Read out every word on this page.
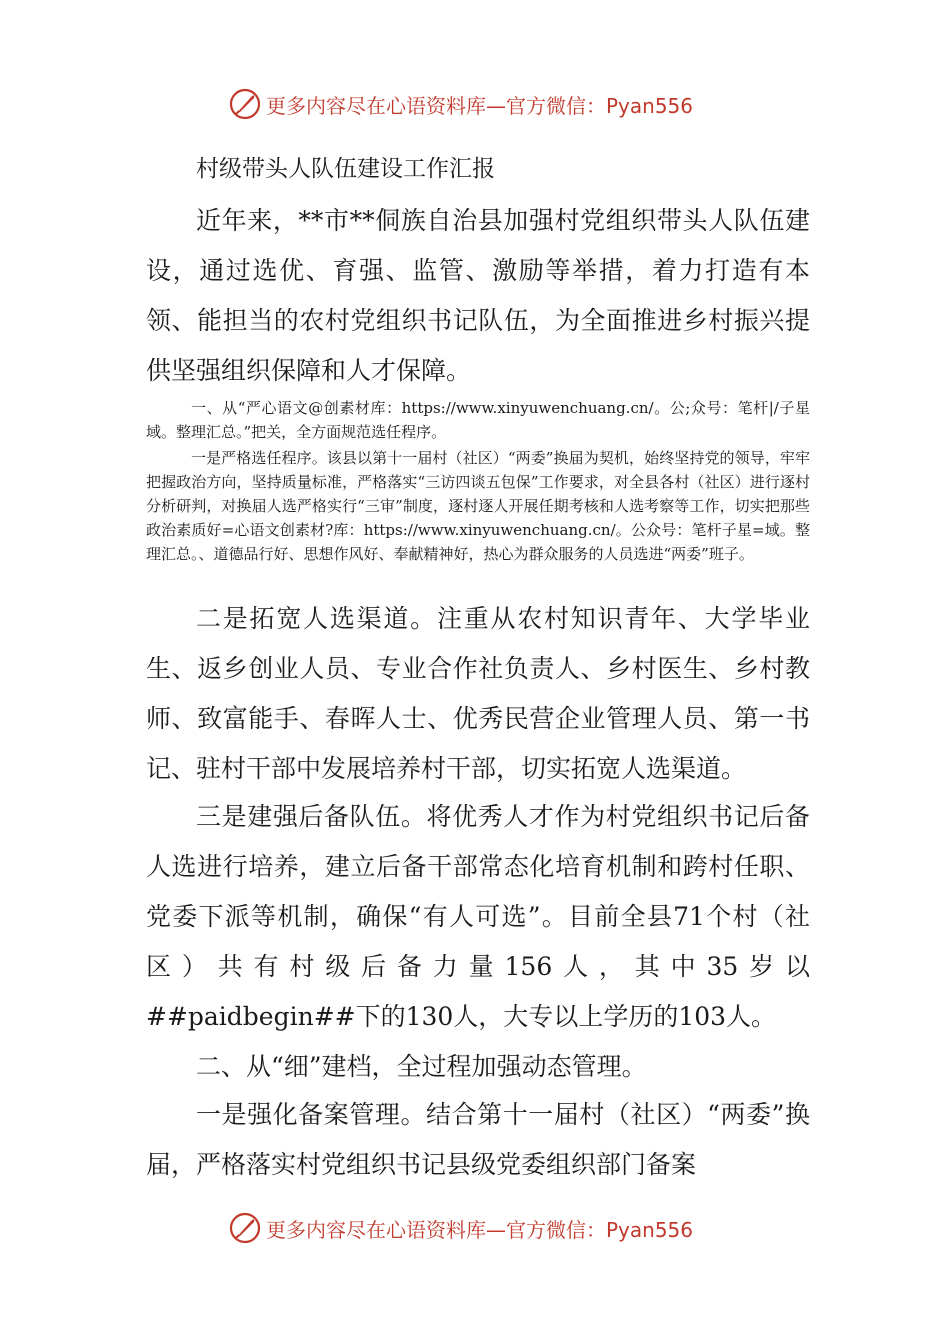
更多内容尽在心语资料库—官方微信：Pyan556
村级带头人队伍建设工作汇报

近年来，**市**侗族自治县加强村党组织带头人队伍建设，通过选优、育强、监管、激励等举措，着力打造有本领、能担当的农村党组织书记队伍，为全面推进乡村振兴提供坚强组织保障和人才保障。

一、从“严心语文@创素材库：https://www.xinyuwenchuang.cn/。公;众号：笔杆|/子星域。整理汇总。”把关，全方面规范选任程序。

一是严格选任程序。该县以第十一届村（社区）“两委”换届为契机，始终坚持党的领导，牢牢把握政治方向，坚持质量标准，严格落实“三访四谈五包保”工作要求，对全县各村（社区）进行逐村分析研判，对换届人选严格实行“三审”制度，逐村逐人开展任期考核和人选考察等工作，切实把那些政治素质好=心语文创素材?库：https://www.xinyuwenchuang.cn/。公众号：笔杆子星=域。整理汇总。、道德品行好、思想作风好、奉献精神好，热心为群众服务的人员选进“两委”班子。

二是拓宽人选渠道。注重从农村知识青年、大学毕业生、返乡创业人员、专业合作社负责人、乡村医生、乡村教师、致富能手、春晖人士、优秀民营企业管理人员、第一书记、驻村干部中发展培养村干部，切实拓宽人选渠道。

三是建强后备队伍。将优秀人才作为村党组织书记后备人选进行培养，建立后备干部常态化培育机制和跨村任职、党委下派等机制，确保“有人可选”。目前全县71个村（社区）共有村级后备力量156人，其中35岁以##paidbegin##下的130人，大专以上学历的103人。

二、从“细”建档，全过程加强动态管理。

一是强化备案管理。结合第十一届村（社区）“两委”换届，严格落实村党组织书记县级党委组织部门备案

更多内容尽在心语资料库—官方微信：Pyan556
